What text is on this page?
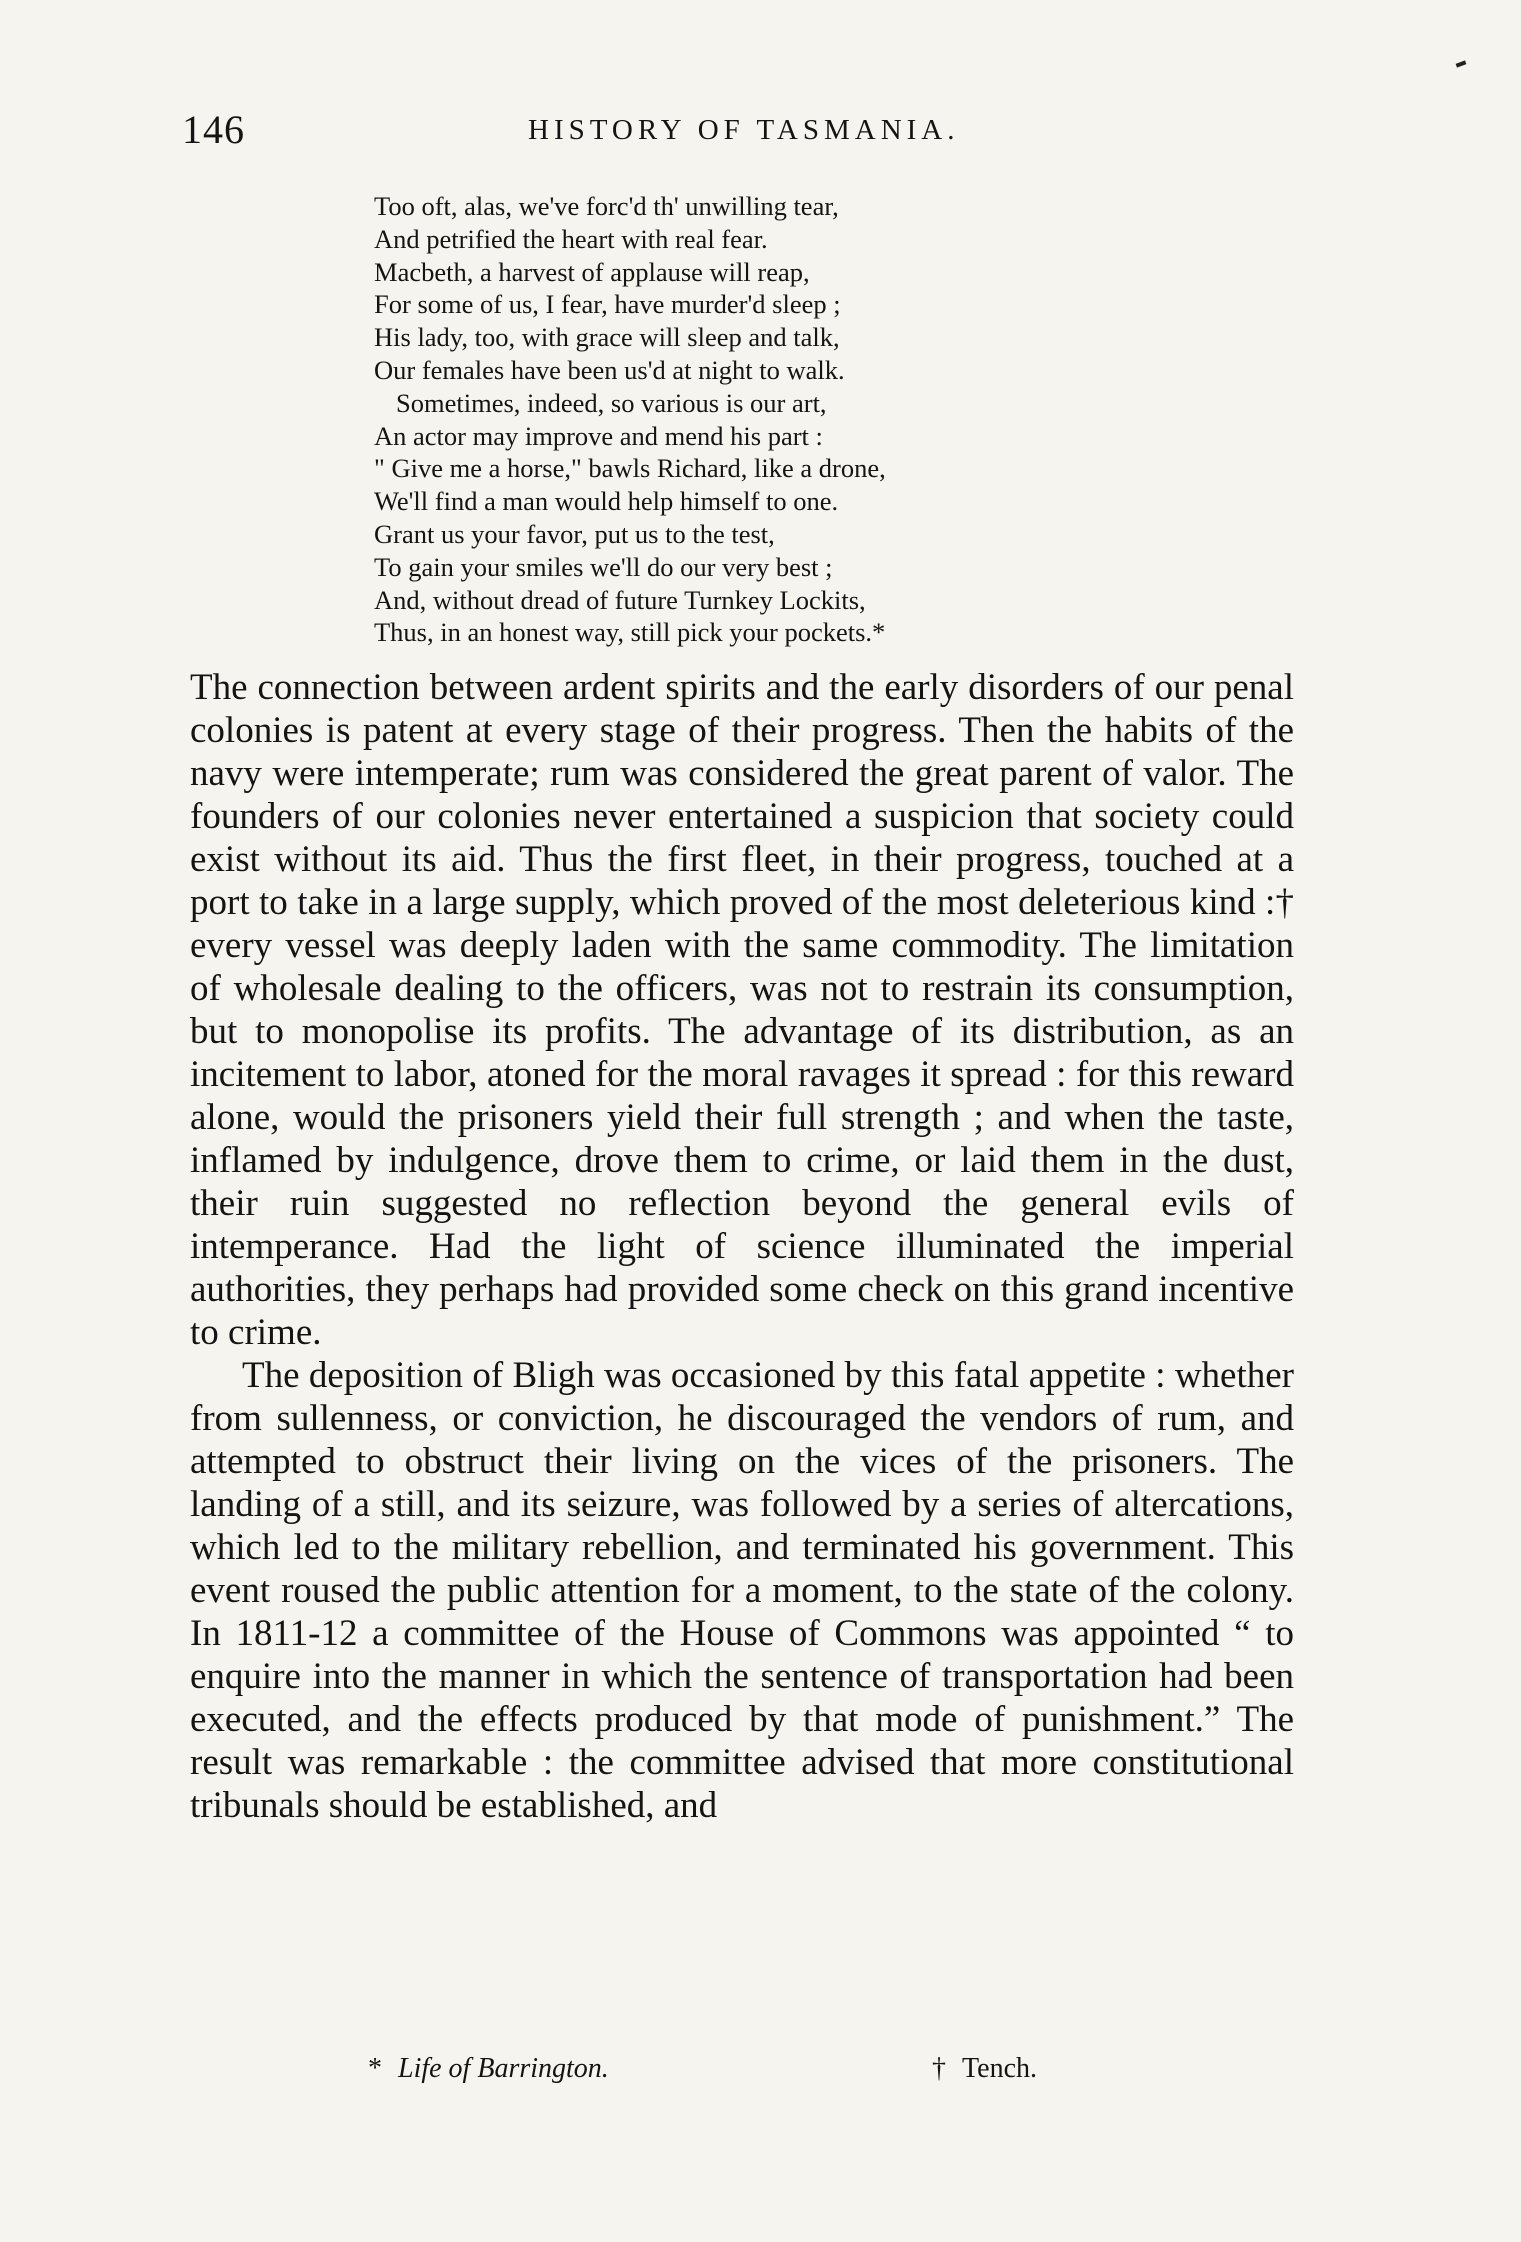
146	HISTORY OF TASMANIA.
Too oft, alas, we've forc'd th' unwilling tear,
And petrified the heart with real fear.
Macbeth, a harvest of applause will reap,
For some of us, I fear, have murder'd sleep ;
His lady, too, with grace will sleep and talk,
Our females have been us'd at night to walk.
Sometimes, indeed, so various is our art,
An actor may improve and mend his part :
" Give me a horse," bawls Richard, like a drone,
We'll find a man would help himself to one.
Grant us your favor, put us to the test,
To gain your smiles we'll do our very best ;
And, without dread of future Turnkey Lockits,
Thus, in an honest way, still pick your pockets.*

The connection between ardent spirits and the early disorders of our penal colonies is patent at every stage of their progress. Then the habits of the navy were intemperate; rum was considered the great parent of valor. The founders of our colonies never entertained a suspicion that society could exist without its aid. Thus the first fleet, in their progress, touched at a port to take in a large supply, which proved of the most deleterious kind :† every vessel was deeply laden with the same commodity. The limitation of wholesale dealing to the officers, was not to restrain its consumption, but to monopolise its profits. The advantage of its distribution, as an incitement to labor, atoned for the moral ravages it spread : for this reward alone, would the prisoners yield their full strength ; and when the taste, inflamed by indulgence, drove them to crime, or laid them in the dust, their ruin suggested no reflection beyond the general evils of intemperance. Had the light of science illuminated the imperial authorities, they perhaps had provided some check on this grand incentive to crime.

The deposition of Bligh was occasioned by this fatal appetite : whether from sullenness, or conviction, he discouraged the vendors of rum, and attempted to obstruct their living on the vices of the prisoners. The landing of a still, and its seizure, was followed by a series of altercations, which led to the military rebellion, and terminated his government. This event roused the public attention for a moment, to the state of the colony. In 1811-12 a committee of the House of Commons was appointed “ to enquire into the manner in which the sentence of transportation had been executed, and the effects produced by that mode of punishment.” The result was remarkable : the committee advised that more constitutional tribunals should be established, and

* Life of Barrington.	† Tench.
